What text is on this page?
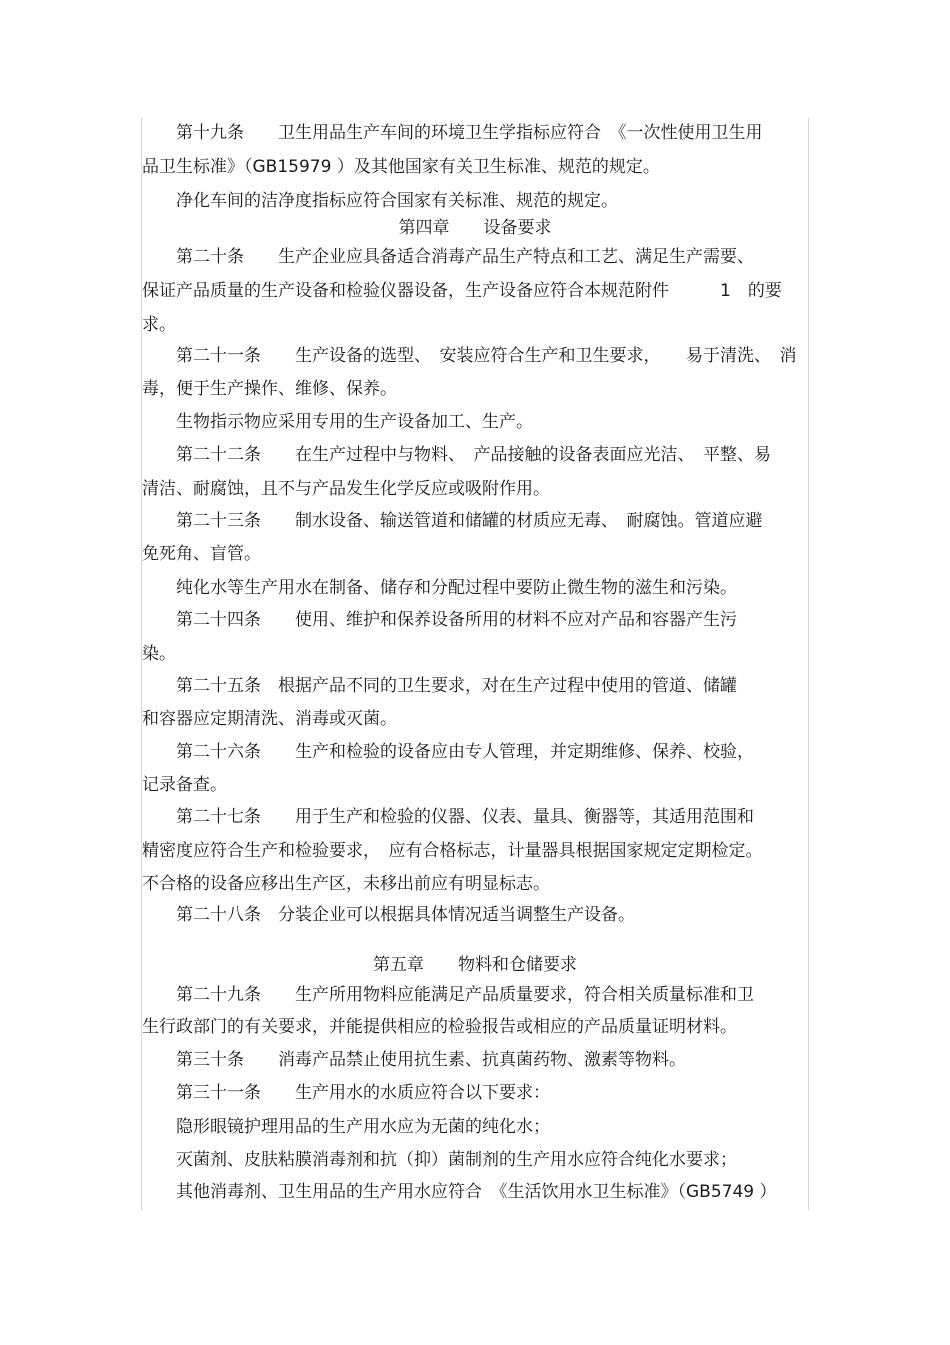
　　第十九条　　卫生用品生产车间的环境卫生学指标应符合　《一次性使用卫生用
品卫生标准》（GB15979 ）及其他国家有关卫生标准、规范的规定。
　　净化车间的洁净度指标应符合国家有关标准、规范的规定。
第四章　　设备要求
　　第二十条　　生产企业应具备适合消毒产品生产特点和工艺、满足生产需要、
保证产品质量的生产设备和检验仪器设备，生产设备应符合本规范附件　　　1　的要
求。
　　第二十一条　　生产设备的选型、　安装应符合生产和卫生要求，　　易于清洗、　消
毒，便于生产操作、维修、保养。
　　生物指示物应采用专用的生产设备加工、生产。
　　第二十二条　　在生产过程中与物料、　产品接触的设备表面应光洁、　平整、易
清洁、耐腐蚀，且不与产品发生化学反应或吸附作用。
　　第二十三条　　制水设备、输送管道和储罐的材质应无毒、　耐腐蚀。管道应避
免死角、盲管。
　　纯化水等生产用水在制备、储存和分配过程中要防止微生物的滋生和污染。
　　第二十四条　　使用、维护和保养设备所用的材料不应对产品和容器产生污
染。
　　第二十五条　根据产品不同的卫生要求，对在生产过程中使用的管道、储罐
和容器应定期清洗、消毒或灭菌。
　　第二十六条　　生产和检验的设备应由专人管理，并定期维修、保养、校验，
记录备查。
　　第二十七条　　用于生产和检验的仪器、仪表、量具、衡器等，其适用范围和
精密度应符合生产和检验要求，　应有合格标志，计量器具根据国家规定定期检定。
不合格的设备应移出生产区，未移出前应有明显标志。
　　第二十八条　分装企业可以根据具体情况适当调整生产设备。
第五章　　物料和仓储要求
　　第二十九条　　生产所用物料应能满足产品质量要求，符合相关质量标准和卫
生行政部门的有关要求，并能提供相应的检验报告或相应的产品质量证明材料。
　　第三十条　　消毒产品禁止使用抗生素、抗真菌药物、激素等物料。
　　第三十一条　　生产用水的水质应符合以下要求：
　　隐形眼镜护理用品的生产用水应为无菌的纯化水；
　　灭菌剂、皮肤粘膜消毒剂和抗（抑）菌制剂的生产用水应符合纯化水要求；
　　其他消毒剂、卫生用品的生产用水应符合　《生活饮用水卫生标准》（GB5749 ）
